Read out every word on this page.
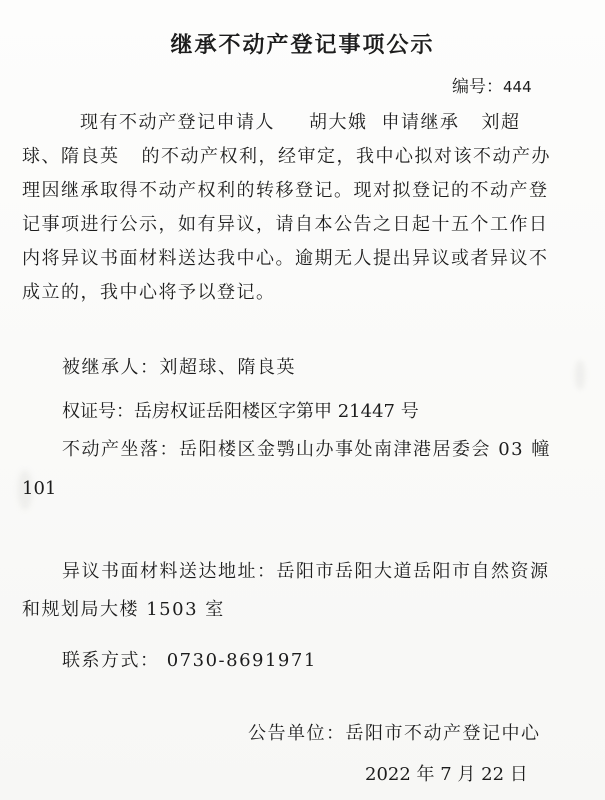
继承不动产登记事项公示
编号：444

现有不动产登记申请人 胡大娥 申请继承 刘超
球、隋良英 的不动产权利，经审定，我中心拟对该不动产办
理因继承取得不动产权利的转移登记。现对拟登记的不动产登
记事项进行公示，如有异议，请自本公告之日起十五个工作日
内将异议书面材料送达我中心。逾期无人提出异议或者异议不
成立的，我中心将予以登记。

被继承人：刘超球、隋良英

权证号：岳房权证岳阳楼区字第甲 21447 号

不动产坐落：岳阳楼区金鹗山办事处南津港居委会 03 幢

101

异议书面材料送达地址：岳阳市岳阳大道岳阳市自然资源

和规划局大楼 1503 室

联系方式： 0730-8691971

公告单位：岳阳市不动产登记中心

2022 年 7 月 22 日
